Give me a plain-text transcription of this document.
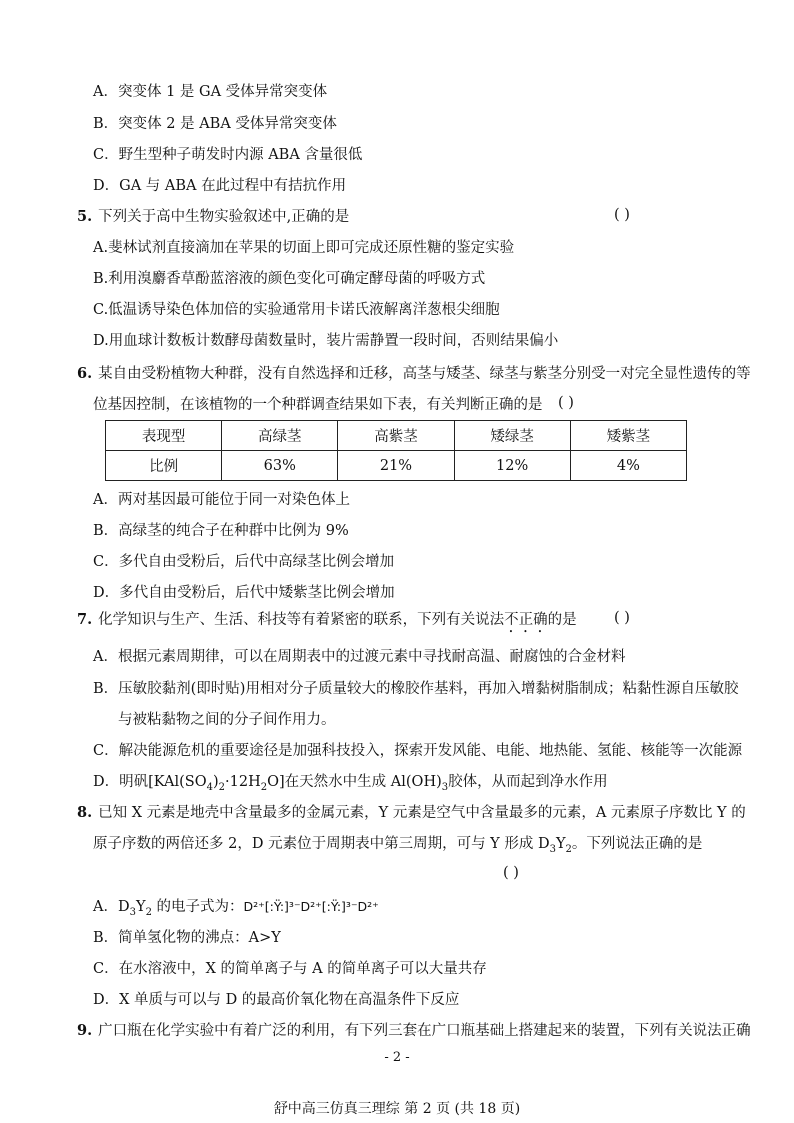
A．突变体 1 是 GA 受体异常突变体
B．突变体 2 是 ABA 受体异常突变体
C．野生型种子萌发时内源 ABA 含量很低
D．GA 与 ABA 在此过程中有拮抗作用
5. 下列关于高中生物实验叙述中,正确的是	( )
A.斐林试剂直接滴加在苹果的切面上即可完成还原性糖的鉴定实验
B.利用溴麝香草酚蓝溶液的颜色变化可确定酵母菌的呼吸方式
C.低温诱导染色体加倍的实验通常用卡诺氏液解离洋葱根尖细胞
D.用血球计数板计数酵母菌数量时，装片需静置一段时间，否则结果偏小
6. 某自由受粉植物大种群，没有自然选择和迁移，高茎与矮茎、绿茎与紫茎分别受一对完全显性遗传的等
位基因控制，在该植物的一个种群调查结果如下表，有关判断正确的是 ( )
表现型	高绿茎	高紫茎	矮绿茎	矮紫茎
比例	63%	21%	12%	4%
A．两对基因最可能位于同一对染色体上
B．高绿茎的纯合子在种群中比例为 9%
C．多代自由受粉后，后代中高绿茎比例会增加
D．多代自由受粉后，后代中矮紫茎比例会增加
7. 化学知识与生产、生活、科技等有着紧密的联系，下列有关说法不正确的是	( )
A．根据元素周期律，可以在周期表中的过渡元素中寻找耐高温、耐腐蚀的合金材料
B．压敏胶黏剂(即时贴)用相对分子质量较大的橡胶作基料，再加入增黏树脂制成；粘黏性源自压敏胶
与被粘黏物之间的分子间作用力。
C．解决能源危机的重要途径是加强科技投入，探索开发风能、电能、地热能、氢能、核能等一次能源
D．明矾$[KAl(SO_4)_2\cdot 12H_2O]$在天然水中生成 $Al(OH)_3$胶体，从而起到净水作用
8. 已知 X 元素是地壳中含量最多的金属元素，Y 元素是空气中含量最多的元素，A 元素原子序数比 Y 的
原子序数的两倍还多 2，D 元素位于周期表中第三周期，可与 Y 形成 $D_3Y_2$。下列说法正确的是
( )
A．$D_3Y_2$ 的电子式为：D²⁺[:Ÿ:]³⁻D²⁺[:Ÿ:]³⁻D²⁺
B．简单氢化物的沸点：A>Y
C．在水溶液中，X 的简单离子与 A 的简单离子可以大量共存
D．X 单质与可以与 D 的最高价氧化物在高温条件下反应
9. 广口瓶在化学实验中有着广泛的利用，有下列三套在广口瓶基础上搭建起来的装置，下列有关说法正确
- 2 -
舒中高三仿真三理综 第 2 页 (共 18 页)
